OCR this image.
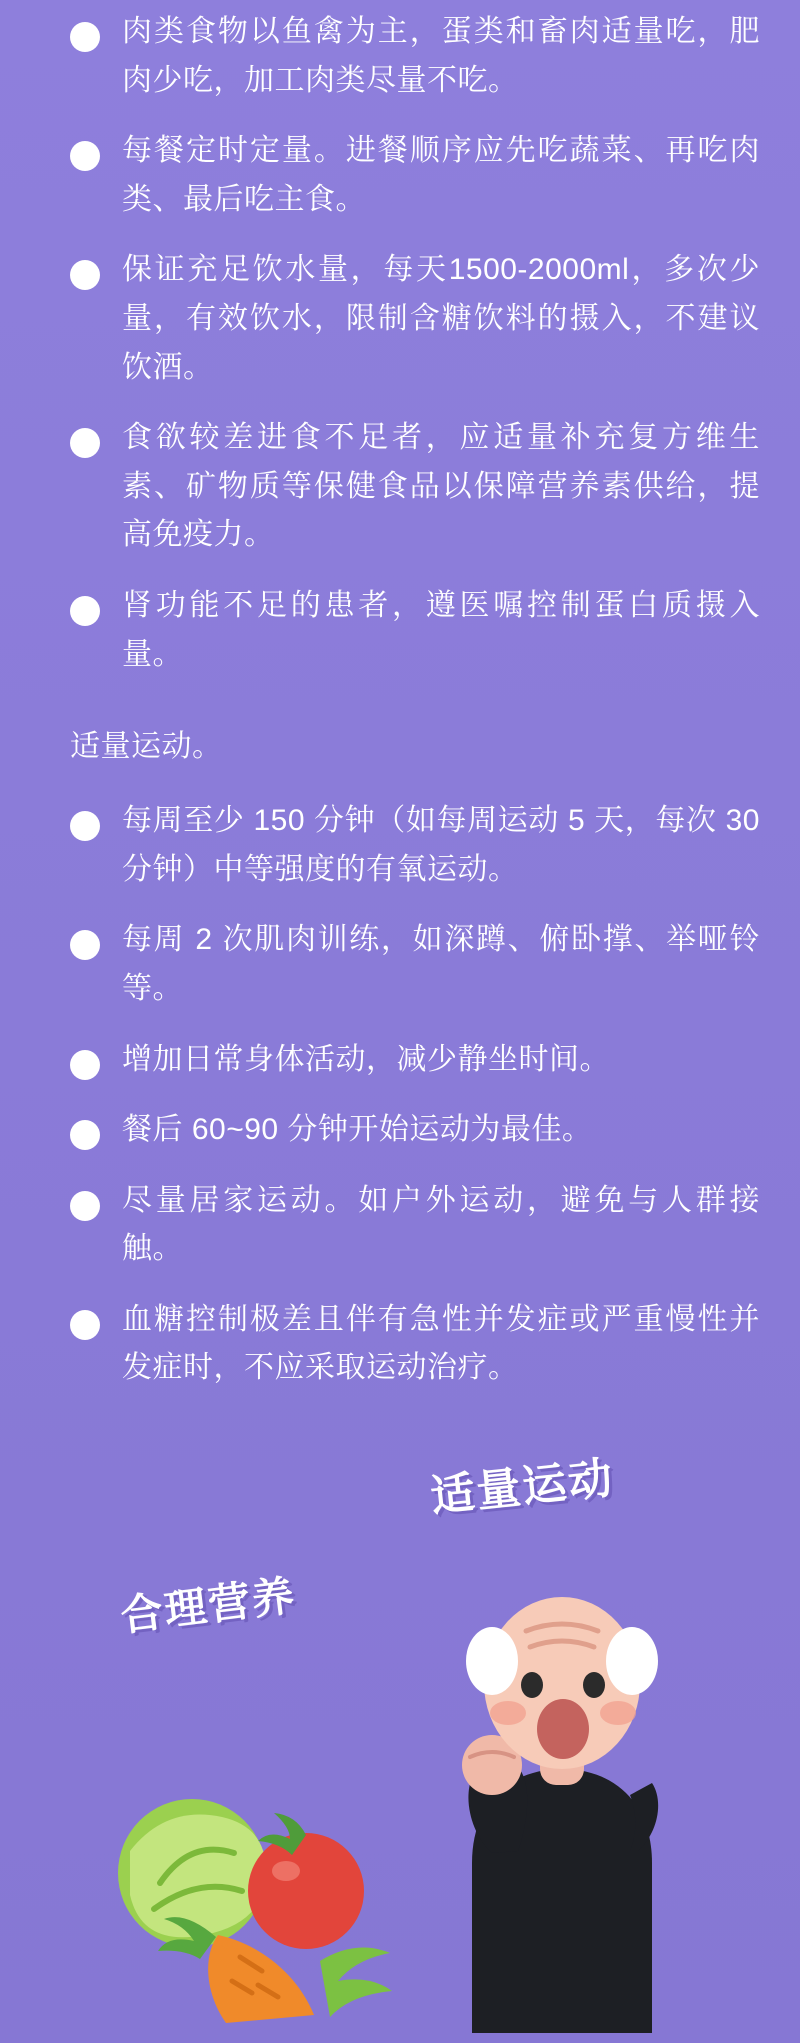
肉类食物以鱼禽为主，蛋类和畜肉适量吃，肥肉少吃，加工肉类尽量不吃。
每餐定时定量。进餐顺序应先吃蔬菜、再吃肉类、最后吃主食。
保证充足饮水量，每天1500-2000ml，多次少量，有效饮水，限制含糖饮料的摄入，不建议饮酒。
食欲较差进食不足者，应适量补充复方维生素、矿物质等保健食品以保障营养素供给，提高免疫力。
肾功能不足的患者，遵医嘱控制蛋白质摄入量。
适量运动。
每周至少 150 分钟（如每周运动 5 天，每次 30 分钟）中等强度的有氧运动。
每周 2 次肌肉训练，如深蹲、俯卧撑、举哑铃等。
增加日常身体活动，减少静坐时间。
餐后 60~90 分钟开始运动为最佳。
尽量居家运动。如户外运动，避免与人群接触。
血糖控制极差且伴有急性并发症或严重慢性并发症时，不应采取运动治疗。
适量运动
合理营养
